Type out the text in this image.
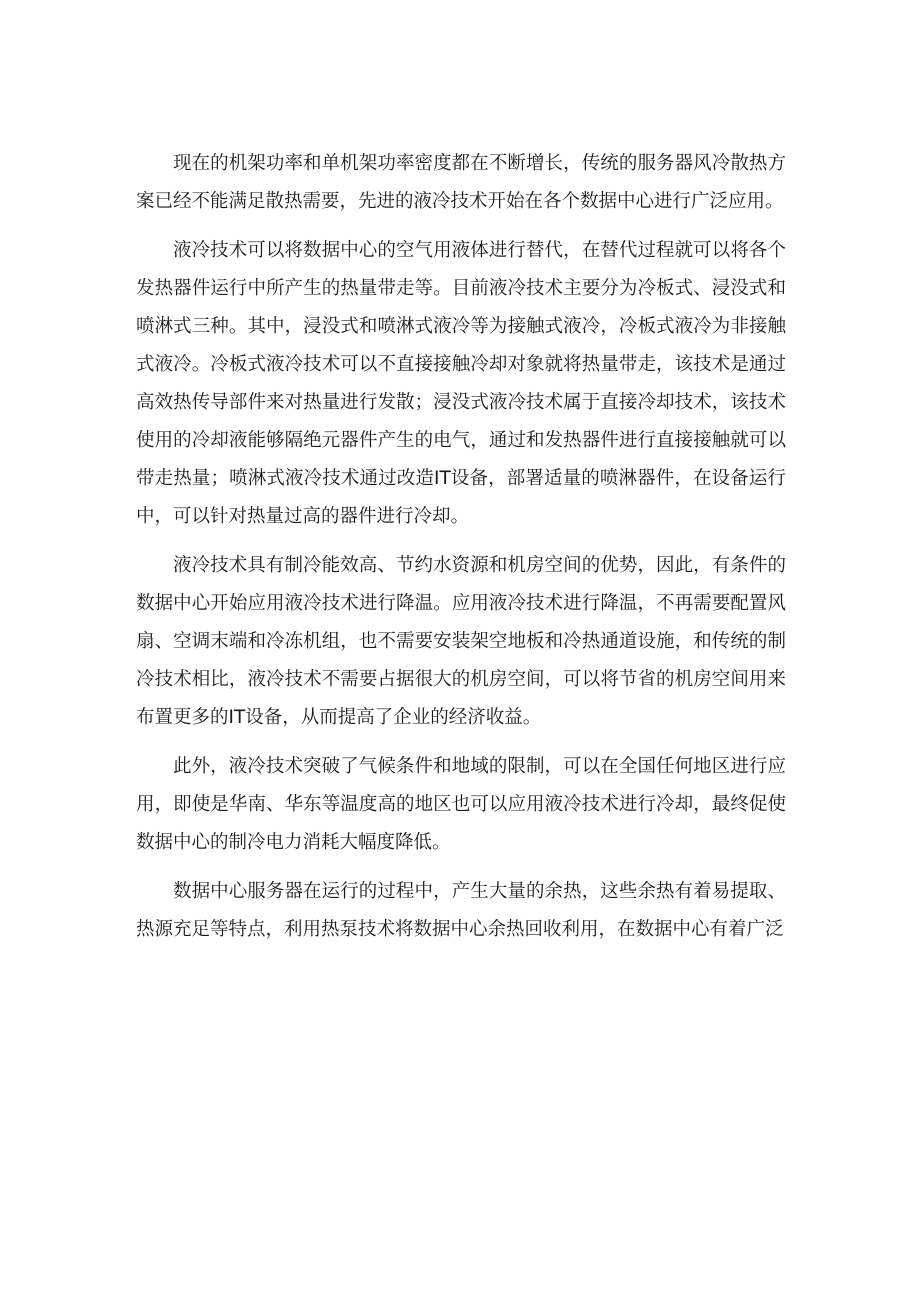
现在的机架功率和单机架功率密度都在不断增长，传统的服务器风冷散热方案已经不能满足散热需要，先进的液冷技术开始在各个数据中心进行广泛应用。

液冷技术可以将数据中心的空气用液体进行替代，在替代过程就可以将各个发热器件运行中所产生的热量带走等。目前液冷技术主要分为冷板式、浸没式和喷淋式三种。其中，浸没式和喷淋式液冷等为接触式液冷，冷板式液冷为非接触式液冷。冷板式液冷技术可以不直接接触冷却对象就将热量带走，该技术是通过高效热传导部件来对热量进行发散；浸没式液冷技术属于直接冷却技术，该技术使用的冷却液能够隔绝元器件产生的电气，通过和发热器件进行直接接触就可以带走热量；喷淋式液冷技术通过改造IT设备，部署适量的喷淋器件，在设备运行中，可以针对热量过高的器件进行冷却。

液冷技术具有制冷能效高、节约水资源和机房空间的优势，因此，有条件的数据中心开始应用液冷技术进行降温。应用液冷技术进行降温，不再需要配置风扇、空调末端和冷冻机组，也不需要安装架空地板和冷热通道设施，和传统的制冷技术相比，液冷技术不需要占据很大的机房空间，可以将节省的机房空间用来布置更多的IT设备，从而提高了企业的经济收益。

此外，液冷技术突破了气候条件和地域的限制，可以在全国任何地区进行应用，即使是华南、华东等温度高的地区也可以应用液冷技术进行冷却，最终促使数据中心的制冷电力消耗大幅度降低。

数据中心服务器在运行的过程中，产生大量的余热，这些余热有着易提取、热源充足等特点，利用热泵技术将数据中心余热回收利用，在数据中心有着广泛
